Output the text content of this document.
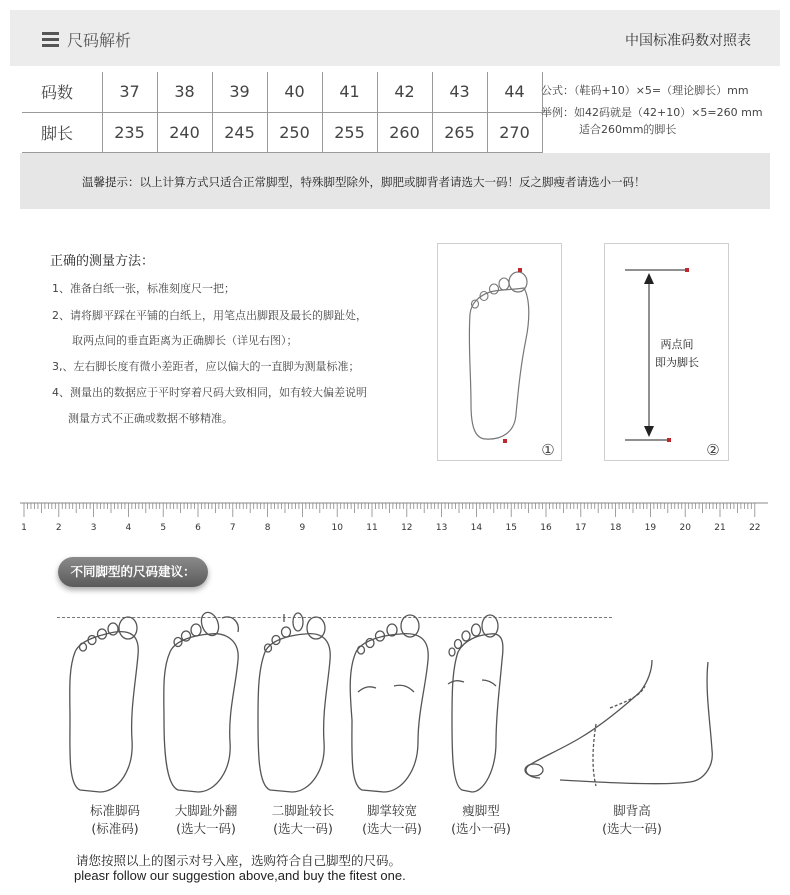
尺码解析	中国标准码数对照表
码数	37	38	39	40	41	42	43	44
脚长	235	240	245	250	255	260	265	270
公式：（鞋码+10）×5=（理论脚长）mm
举例：如42码就是（42+10）×5=260 mm
适合260mm的脚长
温馨提示：以上计算方式只适合正常脚型，特殊脚型除外，脚肥或脚背者请选大一码！反之脚瘦者请选小一码！
正确的测量方法：
1、准备白纸一张，标准刻度尺一把；
2、请将脚平踩在平铺的白纸上，用笔点出脚跟及最长的脚趾处，
取两点间的垂直距离为正确脚长（详见右图）；
3,、左右脚长度有微小差距者，应以偏大的一直脚为测量标准；
4、测量出的数据应于平时穿着尺码大致相同，如有较大偏差说明
测量方式不正确或数据不够精准。
①
两点间
即为脚长
②
1	2	3	4	5	6	7	8	9	10	11	12	13	14	15	16	17	18	19	20	21	22
不同脚型的尺码建议：
标准脚码
(标准码)
大脚趾外翻
(选大一码)
二脚趾较长
(选大一码)
脚掌较宽
(选大一码)
瘦脚型
(选小一码)
脚背高
(选大一码)
请您按照以上的图示对号入座，选购符合自己脚型的尺码。
pleasr follow our suggestion above,and buy the fitest one.
